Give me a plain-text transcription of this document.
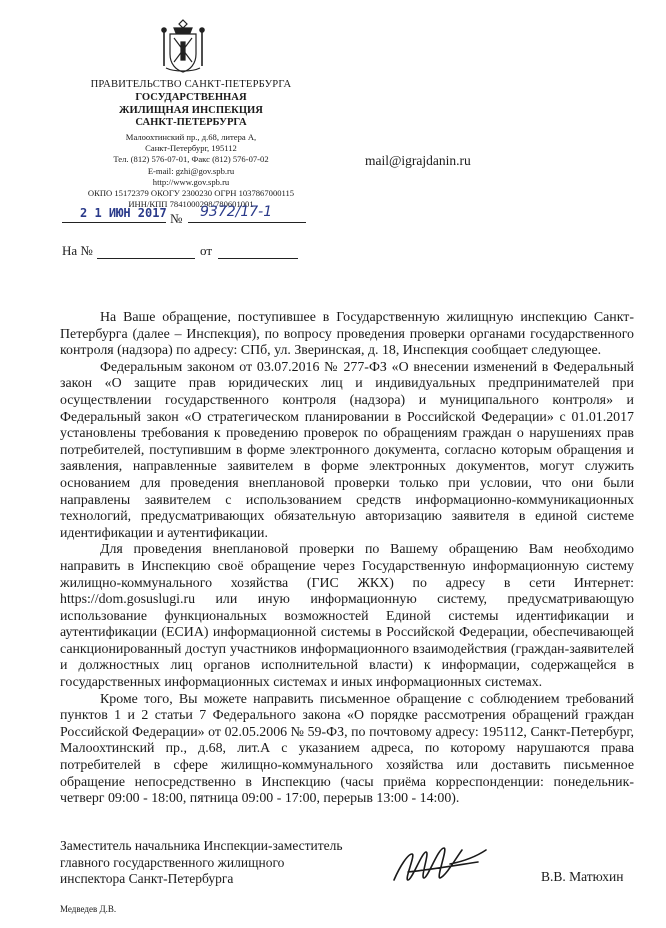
ПРАВИТЕЛЬСТВО САНКТ-ПЕТЕРБУРГА
ГОСУДАРСТВЕННАЯ
ЖИЛИЩНАЯ ИНСПЕКЦИЯ
САНКТ-ПЕТЕРБУРГА
Малоохтинский пр., д.68, литера А,
Санкт-Петербург, 195112
Тел. (812) 576-07-01, Факс (812) 576-07-02
E-mail: gzhi@gov.spb.ru
http://www.gov.spb.ru
ОКПО 15172379 ОКОГУ 2300230 ОГРН 1037867000115
ИНН/КПП 7841000298/780601001
2 1 ИЮН 2017 № 9372/17-1
На №	от
mail@igrajdanin.ru

На Ваше обращение, поступившее в Государственную жилищную инспекцию Санкт-Петербурга (далее – Инспекция), по вопросу проведения проверки органами государственного контроля (надзора) по адресу: СПб, ул. Зверинская, д. 18, Инспекция сообщает следующее.

Федеральным законом от 03.07.2016 № 277-ФЗ «О внесении изменений в Федеральный закон «О защите прав юридических лиц и индивидуальных предпринимателей при осуществлении государственного контроля (надзора) и муниципального контроля» и Федеральный закон «О стратегическом планировании в Российской Федерации» с 01.01.2017 установлены требования к проведению проверок по обращениям граждан о нарушениях прав потребителей, поступившим в форме электронного документа, согласно которым обращения и заявления, направленные заявителем в форме электронных документов, могут служить основанием для проведения внеплановой проверки только при условии, что они были направлены заявителем с использованием средств информационно-коммуникационных технологий, предусматривающих обязательную авторизацию заявителя в единой системе идентификации и аутентификации.

Для проведения внеплановой проверки по Вашему обращению Вам необходимо направить в Инспекцию своё обращение через Государственную информационную систему жилищно-коммунального хозяйства (ГИС ЖКХ) по адресу в сети Интернет: https://dom.gosuslugi.ru или иную информационную систему, предусматривающую использование функциональных возможностей Единой системы идентификации и аутентификации (ЕСИА) информационной системы в Российской Федерации, обеспечивающей санкционированный доступ участников информационного взаимодействия (граждан-заявителей и должностных лиц органов исполнительной власти) к информации, содержащейся в государственных информационных системах и иных информационных системах.

Кроме того, Вы можете направить письменное обращение с соблюдением требований пунктов 1 и 2 статьи 7 Федерального закона «О порядке рассмотрения обращений граждан Российской Федерации» от 02.05.2006 № 59-ФЗ, по почтовому адресу: 195112, Санкт-Петербург, Малоохтинский пр., д.68, лит.А с указанием адреса, по которому нарушаются права потребителей в сфере жилищно-коммунального хозяйства или доставить письменное обращение непосредственно в Инспекцию (часы приёма корреспонденции: понедельник-четверг 09:00 - 18:00, пятница 09:00 - 17:00, перерыв 13:00 - 14:00).

Заместитель начальника Инспекции-заместитель
главного государственного жилищного
инспектора Санкт-Петербурга	В.В. Матюхин
Медведев Д.В.
